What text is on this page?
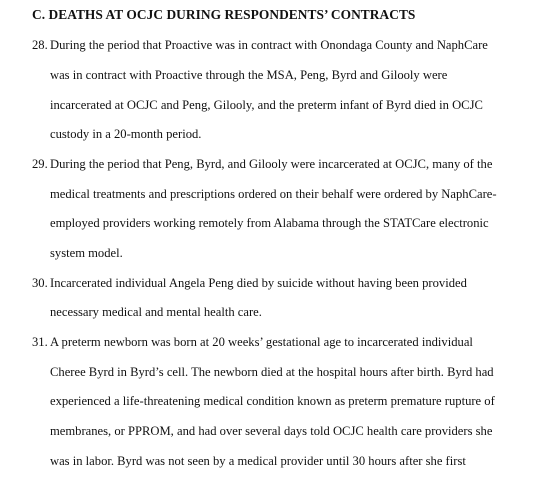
C. DEATHS AT OCJC DURING RESPONDENTS’ CONTRACTS
28. During the period that Proactive was in contract with Onondaga County and NaphCare
was in contract with Proactive through the MSA, Peng, Byrd and Gilooly were
incarcerated at OCJC and Peng, Gilooly, and the preterm infant of Byrd died in OCJC
custody in a 20-month period.
29. During the period that Peng, Byrd, and Gilooly were incarcerated at OCJC, many of the
medical treatments and prescriptions ordered on their behalf were ordered by NaphCare-
employed providers working remotely from Alabama through the STATCare electronic
system model.
30. Incarcerated individual Angela Peng died by suicide without having been provided
necessary medical and mental health care.
31. A preterm newborn was born at 20 weeks’ gestational age to incarcerated individual
Cheree Byrd in Byrd’s cell. The newborn died at the hospital hours after birth. Byrd had
experienced a life-threatening medical condition known as preterm premature rupture of
membranes, or PPROM, and had over several days told OCJC health care providers she
was in labor. Byrd was not seen by a medical provider until 30 hours after she first
